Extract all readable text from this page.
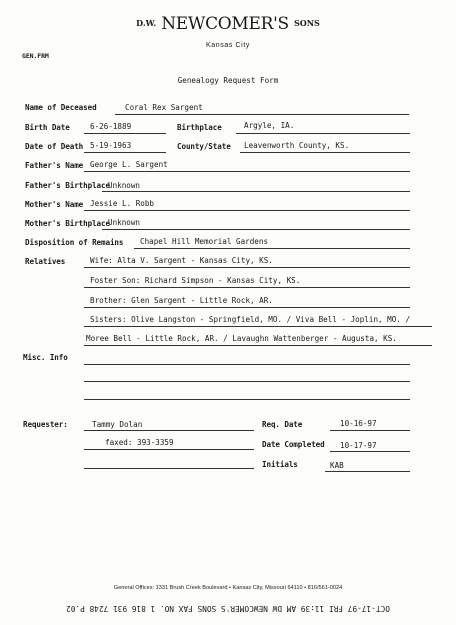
D.W. NEWCOMER'S SONS
Kansas City
GEN.FRM
Genealogy Request Form
Name of Deceased	Coral Rex Sargent
Birth Date	6-26-1889	Birthplace	Argyle, IA.
Date of Death 5-19-1963	County/State Leavenworth County, KS.
Father's Name George L. Sargent
Father's Birthplace
Unknown
Mother's Name Jessie L. Robb
Mother's Birthplace
Unknown
Disposition of Remains Chapel Hill Memorial Gardens
Relatives	Wife: Alta V. Sargent - Kansas City, KS.
Foster Son: Richard Simpson - Kansas City, KS.
Brother: Glen Sargent - Little Rock, AR.
Sisters: Olive Langston - Springfield, MO. / Viva Bell - Joplin, MO. /
Moree Bell - Little Rock, AR. / Lavaughn Wattenberger - Augusta, KS.
Misc. Info
Requester:	Tammy Dolan
faxed: 393-3359
Req. Date	10-16-97
Date Completed 10-17-97
Initials	KAB
General Offices: 1331 Brush Creek Boulevard • Kansas City, Missouri 64110 • 816/561-0024
OCT-17-97 FRI 11:39 AM DW NEWCOMER'S SONS FAX NO. 1 816 931 7248 P.02
